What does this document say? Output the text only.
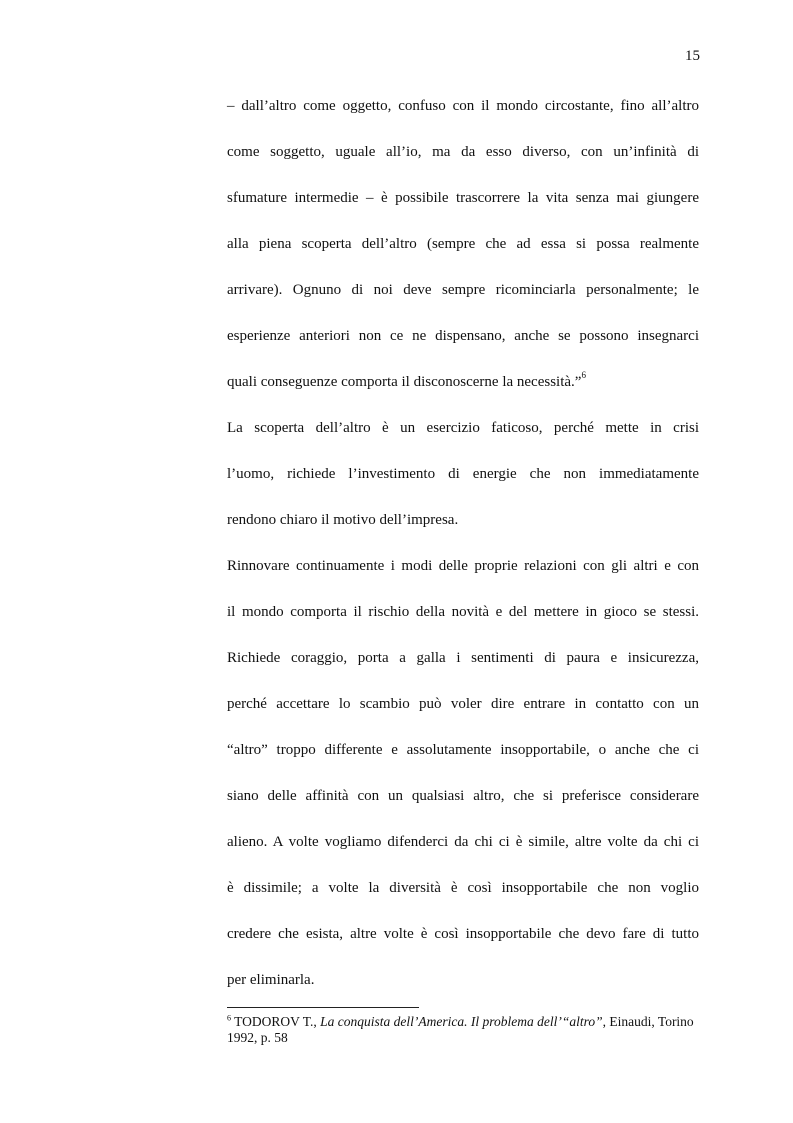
15
– dall’altro come oggetto, confuso con il mondo circostante, fino all’altro
come soggetto, uguale all’io, ma da esso diverso, con un’infinità di
sfumature intermedie – è possibile trascorrere la vita senza mai giungere
alla piena scoperta dell’altro (sempre che ad essa si possa realmente
arrivare). Ognuno di noi deve sempre ricominciarla personalmente; le
esperienze anteriori non ce ne dispensano, anche se possono insegnarci
quali conseguenze comporta il disconoscerne la necessità.”$^6$
La scoperta dell’altro è un esercizio faticoso, perché mette in crisi
l’uomo, richiede l’investimento di energie che non immediatamente
rendono chiaro il motivo dell’impresa.
Rinnovare continuamente i modi delle proprie relazioni con gli altri e con
il mondo comporta il rischio della novità e del mettere in gioco se stessi.
Richiede coraggio, porta a galla i sentimenti di paura e insicurezza,
perché accettare lo scambio può voler dire entrare in contatto con un
“altro” troppo differente e assolutamente insopportabile, o anche che ci
siano delle affinità con un qualsiasi altro, che si preferisce considerare
alieno. A volte vogliamo difenderci da chi ci è simile, altre volte da chi ci
è dissimile; a volte la diversità è così insopportabile che non voglio
credere che esista, altre volte è così insopportabile che devo fare di tutto
per eliminarla.
$^6$ TODOROV T., La conquista dell’America. Il problema dell’“altro”, Einaudi, Torino
1992, p. 58
